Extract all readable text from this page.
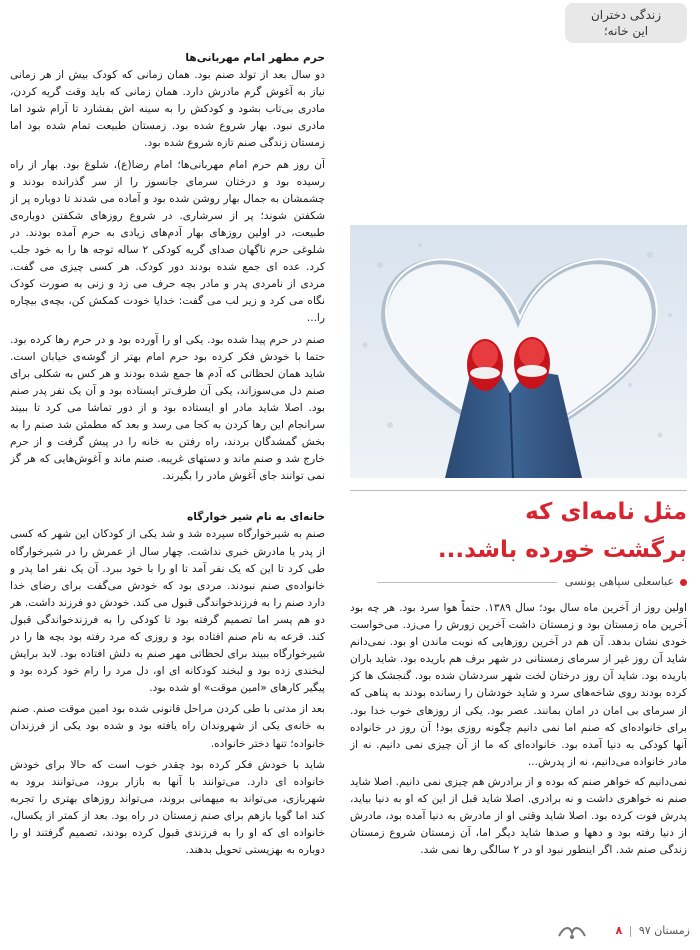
زندگی دختران
این خانه؛

حرم مطهر امام مهربانی‌ها

دو سال بعد از تولد صنم بود. همان زمانی که کودک بیش از هر زمانی نیاز به آغوش گرم مادرش دارد. همان زمانی که باید وقت گریه کردن، مادری بی‌تاب بشود و کودکش را به سینه اش بفشارد تا آرام شود اما مادری نبود. بهار شروع شده بود. زمستان طبیعت تمام شده بود اما زمستان زندگی صنم تازه شروع شده بود.

آن روز هم حرم امام مهربانی‌ها؛ امام رضا(ع)، شلوغ بود. بهار از راه رسیده بود و درختان سرمای جانسوز را از سر گذرانده بودند و چشمشان به جمال بهار روشن شده بود و آماده می شدند تا دوباره پر از شکفتن شوند؛ پر از سرشاری. در شروع روزهای شکفتن دوباره‌ی طبیعت، در اولین روزهای بهار آدم‌های زیادی به حرم آمده بودند. در شلوغی حرم ناگهان صدای گریه کودکی ۲ ساله توجه ها را به خود جلب کرد. عده ای جمع شده بودند دور کودک. هر کسی چیزی می گفت. مردی از نامردی پدر و مادر بچه حرف می زد و زنی به صورت کودک نگاه می کرد و زیر لب می گفت: خدایا خودت کمکش کن، بچه‌ی بیچاره را...

صنم در حرم پیدا شده بود. یکی او را آورده بود و در حرم رها کرده بود. حتما با خودش فکر کرده بود حرم امام بهتر از گوشه‌ی خیابان است. شاید همان لحظاتی که آدم ها جمع شده بودند و هر کس به شکلی برای صنم دل می‌سوزاند، یکی آن طرف‌تر ایستاده بود و آن یک نفر پدر صنم بود. اصلا شاید مادر او ایستاده بود و از دور تماشا می کرد تا ببیند سرانجام این رها کردن به کجا می رسد و بعد که مطمئن شد صنم را به بخش گمشدگان بردند، راه رفتن به خانه را در پیش گرفت و از حرم خارج شد و صنم ماند و دستهای غریبه. صنم ماند و آغوش‌هایی که هر گز نمی توانند جای آغوش مادر را بگیرند.

خانه‌ای به نام شیر خوارگاه

صنم به شیرخوارگاه سپرده شد و شد یکی از کودکان این شهر که کسی از پدر یا مادرش خبری نداشت. چهار سال از عمرش را در شیرخوارگاه طی کرد تا این که یک نفر آمد تا او را با خود ببرد. آن یک نفر اما پدر و خانواده‌ی صنم نبودند. مردی بود که خودش می‌گفت برای رضای خدا دارد صنم را به فرزندخواندگی قبول می کند. خودش دو فرزند داشت. هر دو هم پسر اما تصمیم گرفته بود تا کودکی را به فرزندخواندگی قبول کند. قرعه به نام صنم افتاده بود و روزی که مرد رفته بود بچه ها را در شیرخوارگاه ببیند برای لحظاتی مهر صنم به دلش افتاده بود. لابد برایش لبخندی زده بود و لبخند کودکانه ای او، دل مرد را رام خود کرده بود و پیگیر کارهای «امین موقت» او شده بود.

بعد از مدتی با طی کردن مراحل قانونی شده بود امین موقت صنم. صنم به خانه‌ی یکی از شهروندان راه یافته بود و شده بود یکی از فرزندان خانواده؛ تنها دختر خانواده.

شاید با خودش فکر کرده بود چقدر خوب است که حالا برای خودش خانواده ای دارد. می‌توانند با آنها به بازار برود، می‌توانند برود به شهربازی، می‌تواند به میهمانی بروند، می‌تواند روزهای بهتری را تجربه کند اما گویا بازهم برای صنم زمستان در راه بود. بعد از کمتر از یکسال، خانواده ای که او را به فرزندی قبول کرده بودند، تصمیم گرفتند او را دوباره به بهزیستی تحویل بدهند.

مثل نامه‌ای که
برگشت خورده باشد...
عباسعلی سپاهی یونسی

اولین روز از آخرین ماه سال بود؛ سال ۱۳۸۹. حتماً هوا سرد بود. هر چه بود آخرین ماه زمستان بود و زمستان داشت آخرین زورش را می‌زد. می‌خواست خودی نشان بدهد. آن هم در آخرین روزهایی که نوبت ماندن او بود. نمی‌دانم شاید آن روز غیر از سرمای زمستانی در شهر برف هم باریده بود. شاید باران باریده بود. شاید آن روز درختان لخت شهر سردشان شده بود. گنجشک ها کز کرده بودند روی شاخه‌های سرد و شاید خودشان را رسانده بودند به پناهی که از سرمای بی امان در امان بمانند. عصر بود. یکی از روزهای خوب خدا بود. برای خانواده‌ای که صنم اما نمی دانیم چگونه روزی بود! آن روز در خانواده آنها کودکی به دنیا آمده بود. خانواده‌ای که ما از آن چیزی نمی دانیم. نه از مادر خانواده می‌دانیم، نه از پدرش...

نمی‌دانیم که خواهر صنم که بوده و از برادرش هم چیزی نمی دانیم. اصلا شاید صنم نه خواهری داشت و نه برادری. اصلا شاید قبل از این که او به دنیا بیاید، پدرش فوت کرده بود. اصلا شاید وقتی او از مادرش به دنیا آمده بود، مادرش از دنیا رفته بود و دهها و صدها شاید دیگر اما، آن زمستان شروع زمستان زندگی صنم شد. اگر اینطور نبود او در ۲ سالگی رها نمی شد.

زمستان ۹۷ | ۸
